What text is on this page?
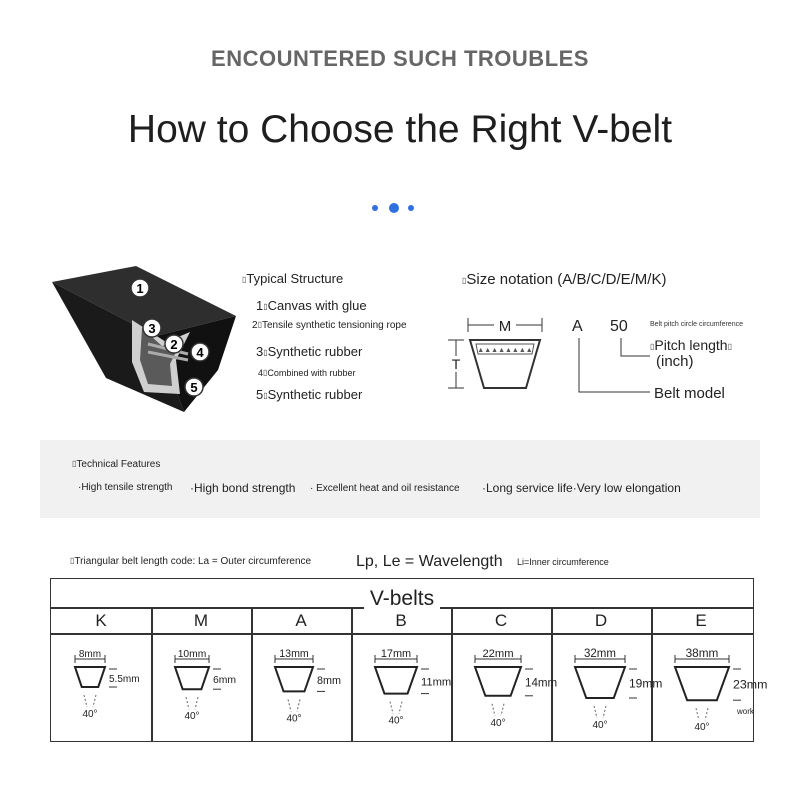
ENCOUNTERED SUCH TROUBLES
How to Choose the Right V-belt
1
3
2
4
5
▯Typical Structure
1▯Canvas with glue
2▯Tensile synthetic tensioning rope
3▯Synthetic rubber
4▯Combined with rubber
5▯Synthetic rubber
▯Size notation (A/B/C/D/E/M/K)
M
▲▲▲▲▲▲▲▲
T
A 50	Belt pitch circle circumference
▯Pitch length▯
(inch)
Belt model
▯Technical Features
·High tensile strength ·High bond strength · Excellent heat and oil resistance ·Long service life·Very low elongation
▯Triangular belt length code: La = Outer circumference	Lp, Le = Wavelength Li=Inner circumference
V-belts
K
8mm
5.5mm
40°
M
10mm
6mm
40°
A
13mm
8mm
40°
B
17mm
11mm
40°
C
22mm
14mm
40°
D
32mm
19mm
40°
E
38mm
23mm
work
40°
